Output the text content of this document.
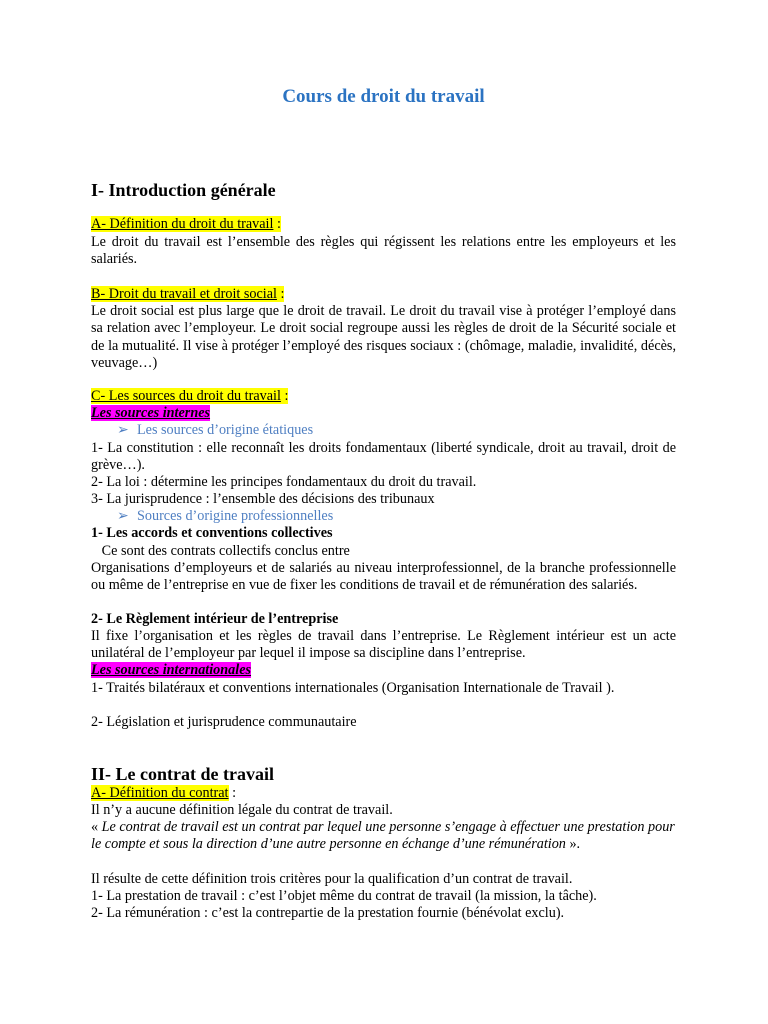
Cours de droit du travail
I- Introduction générale
A- Définition du droit du travail :
Le droit du travail est l’ensemble des règles qui régissent les relations entre les employeurs et les salariés.
B- Droit du travail et droit social :
Le droit social est plus large que le droit de travail. Le droit du travail vise à protéger l’employé dans sa relation avec l’employeur. Le droit social regroupe aussi les règles de droit de la Sécurité sociale et de la mutualité. Il vise à protéger l’employé des risques sociaux : (chômage, maladie, invalidité, décès, veuvage…)
C- Les sources du droit du travail :
Les sources internes
➢ Les sources d’origine étatiques
1- La constitution : elle reconnaît les droits fondamentaux (liberté syndicale, droit au travail, droit de grève…).
2- La loi : détermine les principes fondamentaux du droit du travail.
3- La jurisprudence : l’ensemble des décisions des tribunaux
➢ Sources d’origine professionnelles
1- Les accords et conventions collectives
Ce sont des contrats collectifs conclus entre
Organisations d’employeurs et de salariés au niveau interprofessionnel, de la branche professionnelle ou même de l’entreprise en vue de fixer les conditions de travail et de rémunération des salariés.
2- Le Règlement intérieur de l’entreprise
Il fixe l’organisation et les règles de travail dans l’entreprise. Le Règlement intérieur est un acte unilatéral de l’employeur par lequel il impose sa discipline dans l’entreprise.
Les sources internationales
1- Traités bilatéraux et conventions internationales (Organisation Internationale de Travail ).
2- Législation et jurisprudence communautaire
II- Le contrat de travail
A- Définition du contrat :
Il n’y a aucune définition légale du contrat de travail.
« Le contrat de travail est un contrat par lequel une personne s’engage à effectuer une prestation pour le compte et sous la direction d’une autre personne en échange d’une rémunération ».
Il résulte de cette définition trois critères pour la qualification d’un contrat de travail.
1- La prestation de travail : c’est l’objet même du contrat de travail (la mission, la tâche).
2- La rémunération : c’est la contrepartie de la prestation fournie (bénévolat exclu).
